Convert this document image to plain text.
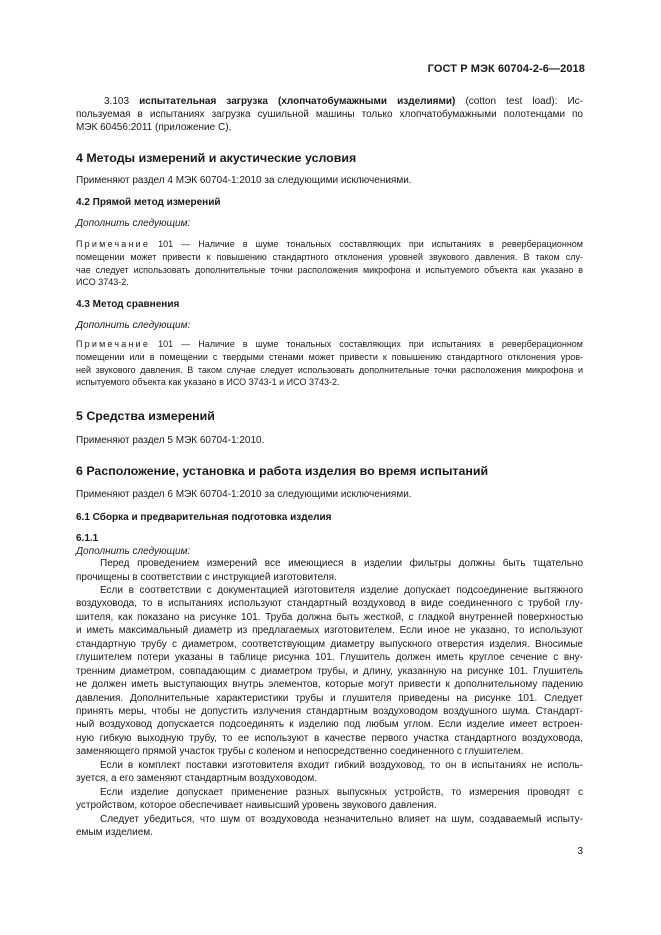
ГОСТ Р МЭК 60704-2-6—2018
3.103 испытательная загрузка (хлопчатобумажными изделиями) (cotton test load): Ис-
пользуемая в испытаниях загрузка сушильной машины только хлопчатобумажными полотенцами по
МЭК 60456:2011 (приложение С).
4 Методы измерений и акустические условия
Применяют раздел 4 МЭК 60704-1:2010 за следующими исключениями.
4.2 Прямой метод измерений
Дополнить следующим:
Примечание 101 — Наличие в шуме тональных составляющих при испытаниях в реверберационном
помещении может привести к повышению стандартного отклонения уровней звукового давления. В таком слу-
чае следует использовать дополнительные точки расположения микрофона и испытуемого объекта как указано в
ИСО 3743-2.
4.3 Метод сравнения
Дополнить следующим:
Примечание 101 — Наличие в шуме тональных составляющих при испытаниях в реверберационном
помещении или в помещении с твердыми стенами может привести к повышению стандартного отклонения уров-
ней звукового давления. В таком случае следует использовать дополнительные точки расположения микрофона и
испытуемого объекта как указано в ИСО 3743-1 и ИСО 3743-2.
5 Средства измерений
Применяют раздел 5 МЭК 60704-1:2010.
6 Расположение, установка и работа изделия во время испытаний
Применяют раздел 6 МЭК 60704-1:2010 за следующими исключениями.
6.1 Сборка и предварительная подготовка изделия
6.1.1
Дополнить следующим:
Перед проведением измерений все имеющиеся в изделии фильтры должны быть тщательно
прочищены в соответствии с инструкцией изготовителя.
Если в соответствии с документацией изготовителя изделие допускает подсоединение вытяжного
воздуховода, то в испытаниях используют стандартный воздуховод в виде соединенного с трубой глу-
шителя, как показано на рисунке 101. Труба должна быть жесткой, с гладкой внутренней поверхностью
и иметь максимальный диаметр из предлагаемых изготовителем. Если иное не указано, то используют
стандартную трубу с диаметром, соответствующим диаметру выпускного отверстия изделия. Вносимые
глушителем потери указаны в таблице рисунка 101. Глушитель должен иметь круглое сечение с вну-
тренним диаметром, совпадающим с диаметром трубы, и длину, указанную на рисунке 101. Глушитель
не должен иметь выступающих внутрь элементов, которые могут привести к дополнительному падению
давления. Дополнительные характеристики трубы и глушителя приведены на рисунке 101. Следует
принять меры, чтобы не допустить излучения стандартным воздуховодом воздушного шума. Стандарт-
ный воздуховод допускается подсоединять к изделию под любым углом. Если изделие имеет встроен-
ную гибкую выходную трубу, то ее используют в качестве первого участка стандартного воздуховода,
заменяющего прямой участок трубы с коленом и непосредственно соединенного с глушителем.
Если в комплект поставки изготовителя входит гибкий воздуховод, то он в испытаниях не исполь-
зуется, а его заменяют стандартным воздуховодом.
Если изделие допускает применение разных выпускных устройств, то измерения проводят с
устройством, которое обеспечивает наивысший уровень звукового давления.
Следует убедиться, что шум от воздуховода незначительно влияет на шум, создаваемый испыту-
емым изделием.
3
